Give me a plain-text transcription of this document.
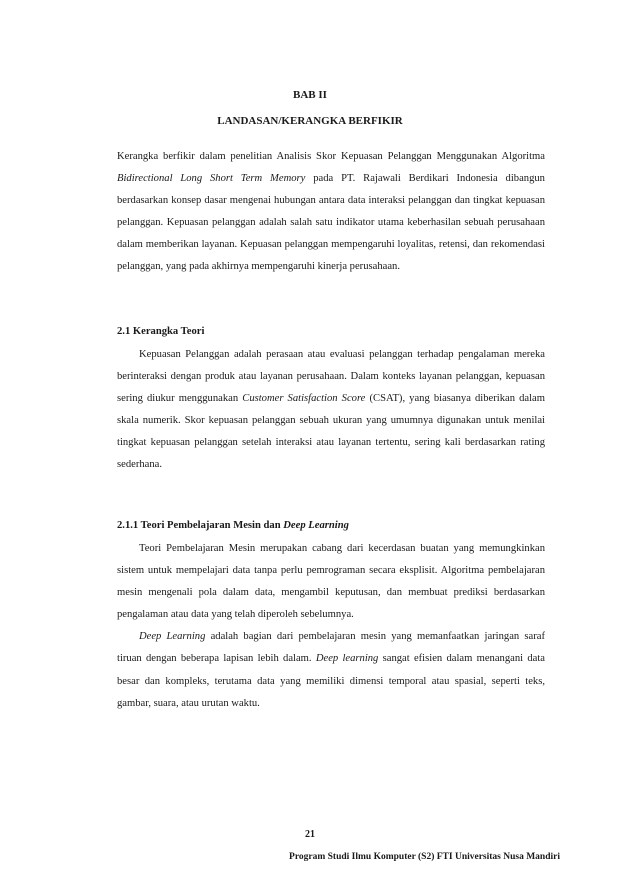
BAB II
LANDASAN/KERANGKA BERFIKIR

Kerangka berfikir dalam penelitian Analisis Skor Kepuasan Pelanggan Menggunakan Algoritma Bidirectional Long Short Term Memory pada PT. Rajawali Berdikari Indonesia dibangun berdasarkan konsep dasar mengenai hubungan antara data interaksi pelanggan dan tingkat kepuasan pelanggan. Kepuasan pelanggan adalah salah satu indikator utama keberhasilan sebuah perusahaan dalam memberikan layanan. Kepuasan pelanggan mempengaruhi loyalitas, retensi, dan rekomendasi pelanggan, yang pada akhirnya mempengaruhi kinerja perusahaan.

2.1 Kerangka Teori

Kepuasan Pelanggan adalah perasaan atau evaluasi pelanggan terhadap pengalaman mereka berinteraksi dengan produk atau layanan perusahaan. Dalam konteks layanan pelanggan, kepuasan sering diukur menggunakan Customer Satisfaction Score (CSAT), yang biasanya diberikan dalam skala numerik. Skor kepuasan pelanggan sebuah ukuran yang umumnya digunakan untuk menilai tingkat kepuasan pelanggan setelah interaksi atau layanan tertentu, sering kali berdasarkan rating sederhana.

2.1.1 Teori Pembelajaran Mesin dan Deep Learning

Teori Pembelajaran Mesin merupakan cabang dari kecerdasan buatan yang memungkinkan sistem untuk mempelajari data tanpa perlu pemrograman secara eksplisit. Algoritma pembelajaran mesin mengenali pola dalam data, mengambil keputusan, dan membuat prediksi berdasarkan pengalaman atau data yang telah diperoleh sebelumnya.

Deep Learning adalah bagian dari pembelajaran mesin yang memanfaatkan jaringan saraf tiruan dengan beberapa lapisan lebih dalam. Deep learning sangat efisien dalam menangani data besar dan kompleks, terutama data yang memiliki dimensi temporal atau spasial, seperti teks, gambar, suara, atau urutan waktu.

21
Program Studi Ilmu Komputer (S2) FTI Universitas Nusa Mandiri
